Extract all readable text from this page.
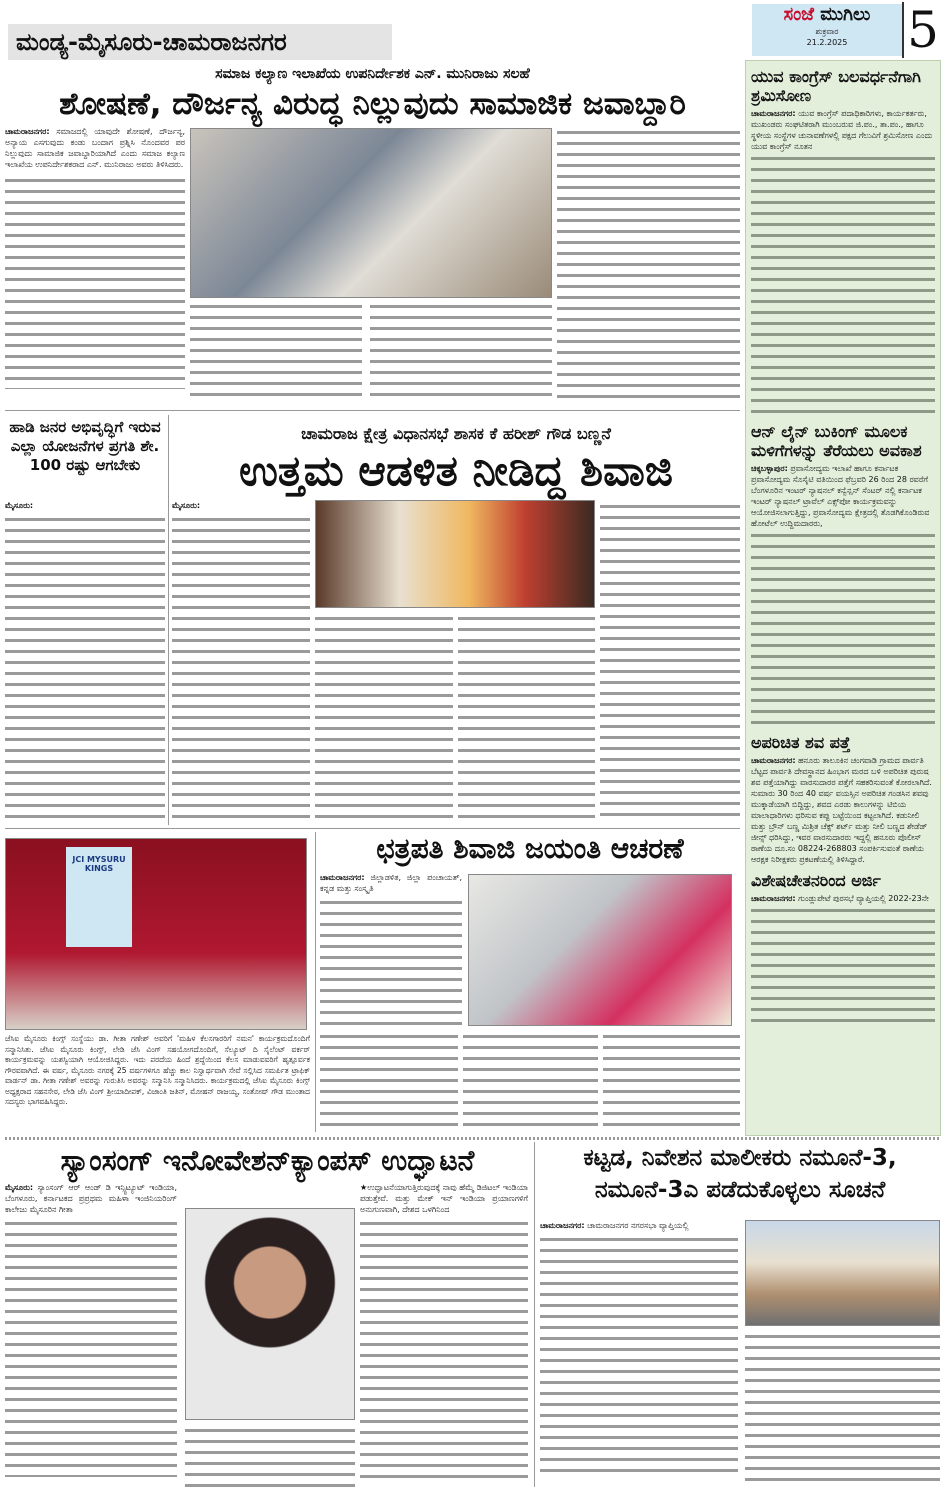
ಮಂಡ್ಯ-ಮೈಸೂರು-ಚಾಮರಾಜನಗರ
ಸಂಜೆ ಮುಗಿಲು
ಶುಕ್ರವಾರ
21.2.2025	5
ಸಮಾಜ ಕಲ್ಯಾಣ ಇಲಾಖೆಯ ಉಪನಿರ್ದೇಶಕ ಎನ್. ಮುನಿರಾಜು ಸಲಹೆ
ಶೋಷಣೆ, ದೌರ್ಜನ್ಯ ವಿರುದ್ಧ ನಿಲ್ಲುವುದು ಸಾಮಾಜಿಕ ಜವಾಬ್ದಾರಿ
ಚಾಮರಾಜನಗರ: ಸಮಾಜದಲ್ಲಿ ಯಾವುದೇ ಶೋಷಣೆ, ದೌರ್ಜನ್ಯ, ಅನ್ಯಾಯ ಎಸಗುವುದು ಕಂಡು ಬಂದಾಗ ಪ್ರಶ್ನಿಸಿ ನೊಂದವರ ಪರ ನಿಲ್ಲುವುದು ಸಾಮಾಜಿಕ ಜವಾಬ್ದಾರಿಯಾಗಿದೆ ಎಂದು ಸಮಾಜ ಕಲ್ಯಾಣ ಇಲಾಖೆಯ ಉಪನಿರ್ದೇಶಕರಾದ ಎನ್. ಮುನಿರಾಜು ಅವರು ತಿಳಿಸಿದರು.
ಹಾಡಿ ಜನರ ಅಭಿವೃದ್ಧಿಗೆ ಇರುವ ಎಲ್ಲಾ ಯೋಜನೆಗಳ ಪ್ರಗತಿ ಶೇ. 100 ರಷ್ಟು ಆಗಬೇಕು
ಮೈಸೂರು:
ಚಾಮರಾಜ ಕ್ಷೇತ್ರ ವಿಧಾನಸಭೆ ಶಾಸಕ ಕೆ ಹರೀಶ್ ಗೌಡ ಬಣ್ಣನೆ
ಉತ್ತಮ ಆಡಳಿತ ನೀಡಿದ್ದ ಶಿವಾಜಿ
ಮೈಸೂರು:
JCI MYSURU KINGS
ಜೆಸಿಐ ಮೈಸೂರು ಕಿಂಗ್ಸ್ ಸಂಸ್ಥೆಯು ಡಾ. ಗೀತಾ ಗಣೇಶ್ ಅವರಿಗೆ 'ಮಹಿಳ ಕೆಲಸಗಾರರಿಗೆ ನಮನ' ಕಾರ್ಯಕ್ರಮದೊಂದಿಗೆ ಸನ್ಮಾನಿಸಿತು. ಜೆಸಿಐ ಮೈಸೂರು ಕಿಂಗ್ಸ್, ಲೇಡಿ ಜೆಸಿ ವಿಂಗ್ ಸಹಯೋಗದೊಂದಿಗೆ, ಸೆಲ್ಯೂಟ್ ದಿ ಸೈಲೆಂಟ್ ವರ್ಕರ್ ಕಾರ್ಯಕ್ರಮವನ್ನು ಯಶಸ್ವಿಯಾಗಿ ಆಯೋಜಿಸಿದ್ದರು. ಇದು ಪರದೆಯ ಹಿಂದೆ ಶ್ರದ್ಧೆಯಿಂದ ಕೆಲಸ ಮಾಡುವವರಿಗೆ ಹೃತ್ಪೂರ್ವಕ ಗೌರವವಾಗಿದೆ. ಈ ವರ್ಷ, ಮೈಸೂರು ನಗರಕ್ಕೆ 25 ವರ್ಷಗಳಿಗೂ ಹೆಚ್ಚು ಕಾಲ ನಿಸ್ವಾರ್ಥವಾಗಿ ಸೇವೆ ಸಲ್ಲಿಸಿದ ಸಮರ್ಪಿತ ಟ್ರಾಫಿಕ್ ವಾರ್ಡನ್ ಡಾ. ಗೀತಾ ಗಣೇಶ್ ಅವರನ್ನು ಗುರುತಿಸಿ ಅವರನ್ನು ಸನ್ಮಾನಿಸಿ ಸನ್ಮಾನಿಸಿದರು. ಕಾರ್ಯಕ್ರಮದಲ್ಲಿ ಜೆಸಿಐ ಮೈಸೂರು ಕಿಂಗ್ಸ್ ಅಧ್ಯಕ್ಷರಾದ ಸಹನಸೇಠ, ಲೇಡಿ ಜೆಸಿ ವಿಂಗ್ ಶ್ರೀಯಾದೀಪಕ್, ವಿಜಾಂತಿ ಜತಿನ್, ಮೋಹನ್ ರಾಜಯ್ಯ, ಸಂತೋಷ್ ಗೌಡ ಮುಂತಾದ ಸದಸ್ಯರು ಭಾಗವಹಿಸಿದ್ದರು.
ಛತ್ರಪತಿ ಶಿವಾಜಿ ಜಯಂತಿ ಆಚರಣೆ
ಚಾಮರಾಜನಗರ: ಜಿಲ್ಲಾಡಳಿತ, ಜಿಲ್ಲಾ ಪಂಚಾಯತ್, ಕನ್ನಡ ಮತ್ತು ಸಂಸ್ಕೃತಿ
ಸ್ಯಾಂಸಂಗ್ ಇನೋವೇಶನ್‌ಕ್ಯಾಂಪಸ್ ಉದ್ಘಾಟನೆ
ಮೈಸೂರು: ಸ್ಯಾಂಸಂಗ್ ಆರ್ ಆಂಡ್ ಡಿ ಇನ್ಸ್ಟಿಟ್ಯೂಟ್ ಇಂಡಿಯಾ, ಬೆಂಗಳೂರು, ಕರ್ನಾಟಕದ ಪ್ರಪ್ರಥಮ ಮಹಿಳಾ ಇಂಜಿನಿಯರಿಂಗ್ ಕಾಲೇಜು ಮೈಸೂರಿನ ಗೀತಾ
★ಉದ್ಘಾಟನೆಯಾಗುತ್ತಿರುವುದಕ್ಕೆ ನಾವು ಹೆಮ್ಮೆ ಡಿಜಿಟಲ್ ಇಂಡಿಯಾ ಪಡುತ್ತೇವೆ. ಮತ್ತು ಮೇಕ್ ಇನ್ ಇಂಡಿಯಾ ಪ್ರಯಾಣಗಳಿಗೆ ಅನುಗುಣವಾಗಿ, ದೇಶದ ಒಳಗಿನಿಂದ
ಕಟ್ಟಡ, ನಿವೇಶನ ಮಾಲೀಕರು ನಮೂನೆ-3, ನಮೂನೆ-3ಎ ಪಡೆದುಕೊಳ್ಳಲು ಸೂಚನೆ
ಚಾಮರಾಜನಗರ: ಚಾಮರಾಜನಗರ ನಗರಸಭಾ ವ್ಯಾಪ್ತಿಯಲ್ಲಿ
ಯುವ ಕಾಂಗ್ರೆಸ್ ಬಲವರ್ಧನೆಗಾಗಿ ಶ್ರಮಿಸೋಣ
ಚಾಮರಾಜನಗರ: ಯುವ ಕಾಂಗ್ರೆಸ್ ಪದಾಧಿಕಾರಿಗಳು, ಕಾರ್ಯಕರ್ತರು, ಮುಖಂಡರು ಸಂಘಟಿತರಾಗಿ ಮುಂಬರುವ ಜಿ.ಪಂ., ತಾ.ಪಂ., ಹಾಗೂ ಸ್ಥಳೀಯ ಸಂಸ್ಥೆಗಳ ಚುನಾವಣೆಗಳಲ್ಲಿ ಪಕ್ಷದ ಗೆಲುವಿಗೆ ಶ್ರಮಿಸೋಣ ಎಂದು ಯುವ ಕಾಂಗ್ರೆಸ್ ನೂತನ
ಆನ್ ಲೈನ್ ಬುಕಿಂಗ್ ಮೂಲಕ ಮಳಿಗೆಗಳನ್ನು ತೆರೆಯಲು ಅವಕಾಶ
ಚಿಕ್ಕಬಳ್ಳಾಪುರ: ಪ್ರವಾಸೋದ್ಯಮ ಇಲಾಖೆ ಹಾಗೂ ಕರ್ನಾಟಕ ಪ್ರವಾಸೋದ್ಯಮ ಸೊಸೈಟಿ ವತಿಯಿಂದ ಫೆಬ್ರವರಿ 26 ರಿಂದ 28 ರವರೆಗೆ ಬೆಂಗಳೂರಿನ ಇಂಟರ್ ನ್ಯಾಷನಲ್ ಕನ್ವೆನ್ಷನ್ ಸೆಂಟರ್ ನಲ್ಲಿ ಕರ್ನಾಟಕ ಇಂಟರ್ ನ್ಯಾಷನಲ್ ಟ್ರಾವೆಲ್ ಎಕ್ಸ್‌ಪೋ ಕಾರ್ಯಕ್ರಮವನ್ನು ಆಯೋಜಿಸಲಾಗುತ್ತಿದ್ದು, ಪ್ರವಾಸೋದ್ಯಮ ಕ್ಷೇತ್ರದಲ್ಲಿ ತೊಡಗಿಕೊಂಡಿರುವ ಹೋಟೆಲ್ ಉದ್ದಿಮದಾರರು,
ಅಪರಿಚಿತ ಶವ ಪತ್ತೆ
ಚಾಮರಾಜನಗರ: ಹನೂರು ತಾಲೂಕಿನ ಚಂಗವಾಡಿ ಗ್ರಾಮದ ಪಾರ್ವತಿ ಬೆಟ್ಟದ ಪಾರ್ವತಿ ದೇವಸ್ಥಾನದ ಹಿಂಭಾಗ ಮರದ ಬಳಿ ಅಪರಿಚಿತ ಪುರುಷ ಶವ ಪತ್ತೆಯಾಗಿದ್ದು ವಾರಸುದಾರರ ಪತ್ತೆಗೆ ಸಹಕರಿಸುವಂತೆ ಕೋರಲಾಗಿದೆ. ಸುಮಾರು 30 ರಿಂದ 40 ವರ್ಷ ವಯಸ್ಸಿನ ಅಪರಿಚಿತ ಗಂಡಸಿನ ಶವವು ಮುಕ್ಕಾಡೆಯಾಗಿ ಬಿದ್ದಿದ್ದು, ಶವದ ಎರಡು ಕಾಲುಗಳನ್ನು ಟಿಬಿಯ ಮಾಲಾಧಾರಿಗಳು ಧರಿಸುವ ಕಪ್ಪು ಬಟ್ಟೆಯಿಂದ ಕಟ್ಟಲಾಗಿದೆ. ಕಡುನೀಲಿ ಮತ್ತು ಬ್ರೌನ್ ಬಣ್ಣ ಮಿಶ್ರಿತ ಚೆಕ್ಸ್ ಶರ್ಟ್ ಮತ್ತು ನೀಲಿ ಬಣ್ಣದ ಶೇಡೆಡ್ ಜೀನ್ಸ್ ಧರಿಸಿದ್ದು, ಇವರ ವಾರಸುದಾರರು ಇದ್ದಲ್ಲಿ ಹನೂರು ಪೊಲೀಸ್ ಠಾಣೆಯ ದೂ.ಸಂ 08224-268803 ಸಂಪರ್ಕಿಸುವಂತೆ ಠಾಣೆಯ ಆರಕ್ಷಕ ನಿರೀಕ್ಷಕರು ಪ್ರಕಟಣೆಯಲ್ಲಿ ತಿಳಿಸಿದ್ದಾರೆ.
ವಿಶೇಷಚೇತನರಿಂದ ಅರ್ಜಿ
ಚಾಮರಾಜನಗರ: ಗುಂಡ್ಲುಪೇಟೆ ಪುರಸಭೆ ವ್ಯಾಪ್ತಿಯಲ್ಲಿ 2022-23ನೇ
